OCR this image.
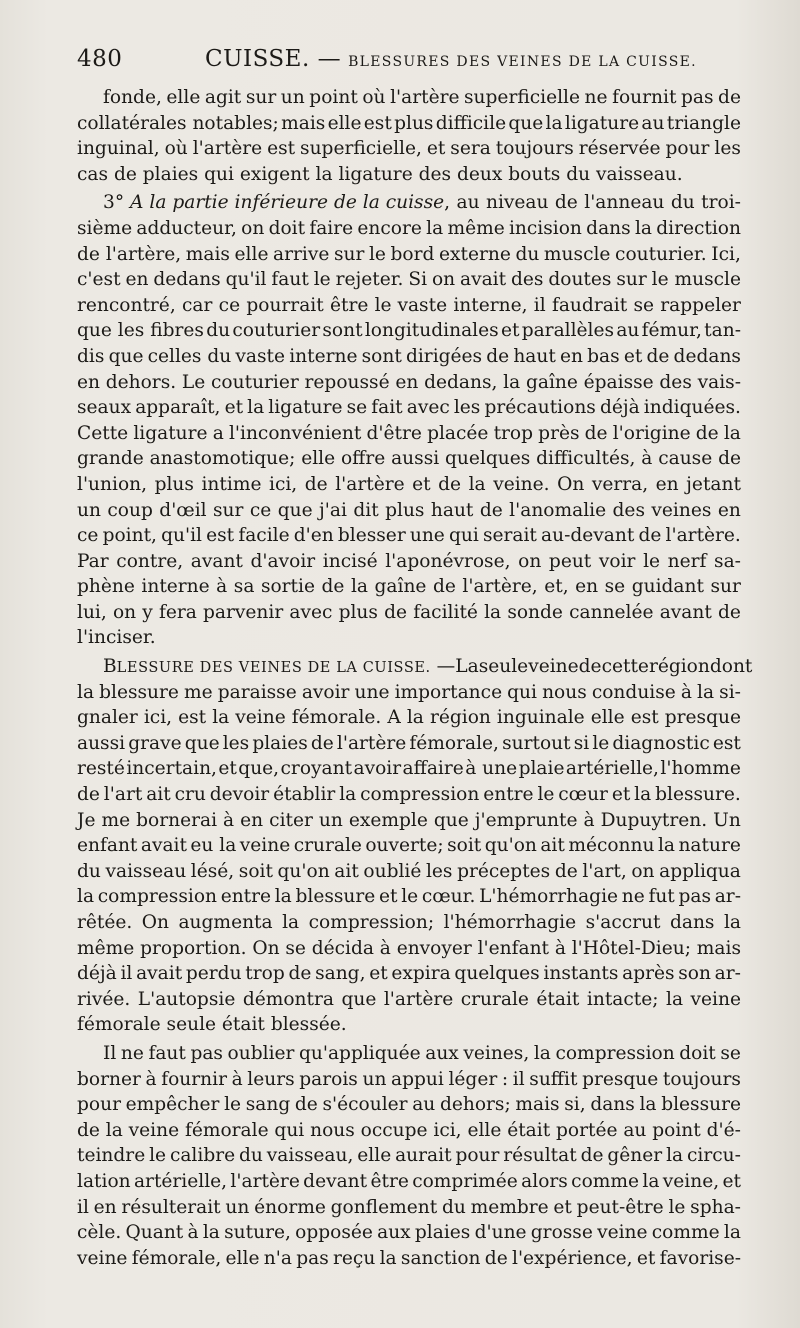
480	CUISSE. — BLESSURES DES VEINES DE LA CUISSE.
fonde, elle agit sur un point où l'artère superficielle ne fournit pas de
collatérales notables; mais elle est plus difficile que la ligature au triangle
inguinal, où l'artère est superficielle, et sera toujours réservée pour les
cas de plaies qui exigent la ligature des deux bouts du vaisseau.
3° A la partie inférieure de la cuisse, au niveau de l'anneau du troi-
sième adducteur, on doit faire encore la même incision dans la direction
de l'artère, mais elle arrive sur le bord externe du muscle couturier. Ici,
c'est en dedans qu'il faut le rejeter. Si on avait des doutes sur le muscle
rencontré, car ce pourrait être le vaste interne, il faudrait se rappeler
que les fibres du couturier sont longitudinales et parallèles au fémur, tan-
dis que celles du vaste interne sont dirigées de haut en bas et de dedans
en dehors. Le couturier repoussé en dedans, la gaîne épaisse des vais-
seaux apparaît, et la ligature se fait avec les précautions déjà indiquées.
Cette ligature a l'inconvénient d'être placée trop près de l'origine de la
grande anastomotique; elle offre aussi quelques difficultés, à cause de
l'union, plus intime ici, de l'artère et de la veine. On verra, en jetant
un coup d'œil sur ce que j'ai dit plus haut de l'anomalie des veines en
ce point, qu'il est facile d'en blesser une qui serait au-devant de l'artère.
Par contre, avant d'avoir incisé l'aponévrose, on peut voir le nerf sa-
phène interne à sa sortie de la gaîne de l'artère, et, en se guidant sur
lui, on y fera parvenir avec plus de facilité la sonde cannelée avant de
l'inciser.
BLESSURE DES VEINES DE LA CUISSE. — La seule veine de cette région dont
la blessure me paraisse avoir une importance qui nous conduise à la si-
gnaler ici, est la veine fémorale. A la région inguinale elle est presque
aussi grave que les plaies de l'artère fémorale, surtout si le diagnostic est
resté incertain, et que, croyant avoir affaire à une plaie artérielle, l'homme
de l'art ait cru devoir établir la compression entre le cœur et la blessure.
Je me bornerai à en citer un exemple que j'emprunte à Dupuytren. Un
enfant avait eu la veine crurale ouverte; soit qu'on ait méconnu la nature
du vaisseau lésé, soit qu'on ait oublié les préceptes de l'art, on appliqua
la compression entre la blessure et le cœur. L'hémorrhagie ne fut pas ar-
rêtée. On augmenta la compression; l'hémorrhagie s'accrut dans la
même proportion. On se décida à envoyer l'enfant à l'Hôtel-Dieu; mais
déjà il avait perdu trop de sang, et expira quelques instants après son ar-
rivée. L'autopsie démontra que l'artère crurale était intacte; la veine
fémorale seule était blessée.
Il ne faut pas oublier qu'appliquée aux veines, la compression doit se
borner à fournir à leurs parois un appui léger : il suffit presque toujours
pour empêcher le sang de s'écouler au dehors; mais si, dans la blessure
de la veine fémorale qui nous occupe ici, elle était portée au point d'é-
teindre le calibre du vaisseau, elle aurait pour résultat de gêner la circu-
lation artérielle, l'artère devant être comprimée alors comme la veine, et
il en résulterait un énorme gonflement du membre et peut-être le spha-
cèle. Quant à la suture, opposée aux plaies d'une grosse veine comme la
veine fémorale, elle n'a pas reçu la sanction de l'expérience, et favorise-
